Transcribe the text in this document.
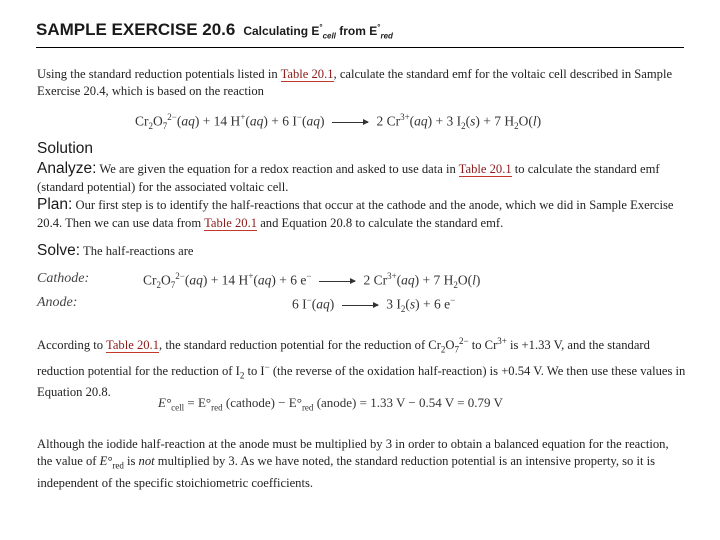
SAMPLE EXERCISE 20.6 Calculating $E^\circ_{cell}$ from $E^\circ_{red}$
Using the standard reduction potentials listed in Table 20.1, calculate the standard emf for the voltaic cell described in Sample Exercise 20.4, which is based on the reaction
$Cr_2O_7^{2-}(aq) + 14$ H+(aq) + 6 I−(aq) → 2 $Cr^{3+}(aq) + 3$ $I_2(s) + 7$ $H_2O(l)$
Solution
Analyze: We are given the equation for a redox reaction and asked to use data in Table 20.1 to calculate the standard emf (standard potential) for the associated voltaic cell.
Plan: Our first step is to identify the half-reactions that occur at the cathode and the anode, which we did in Sample Exercise 20.4. Then we can use data from Table 20.1 and Equation 20.8 to calculate the standard emf.
Solve: The half-reactions are
Cathode:	$Cr_2O_7^{2-}(aq) + 14$ H+(aq) + 6 e−	2 $Cr^{3+}(aq) + 7$ $H_2O(l)$
Anode:	6 I−(aq)	3 $I_2(s) + 6$ e−
According to Table 20.1, the standard reduction potential for the reduction of $Cr_2O_7^{2-}$ to $Cr^{3+}$ is +1.33 V, and the standard reduction potential for the reduction of $I_2$ to I− (the reverse of the oxidation half-reaction) is +0.54 V. We then use these values in Equation 20.8.
$E^\circ_{cell} = E^\circ_{red}$ (cathode) − $E^\circ_{red}$ (anode) = 1.33 V − 0.54 V = 0.79 V
Although the iodide half-reaction at the anode must be multiplied by 3 in order to obtain a balanced equation for the reaction, the value of $E^\circ_{red}$ is not multiplied by 3. As we have noted, the standard reduction potential is an intensive property, so it is independent of the specific stoichiometric coefficients.
